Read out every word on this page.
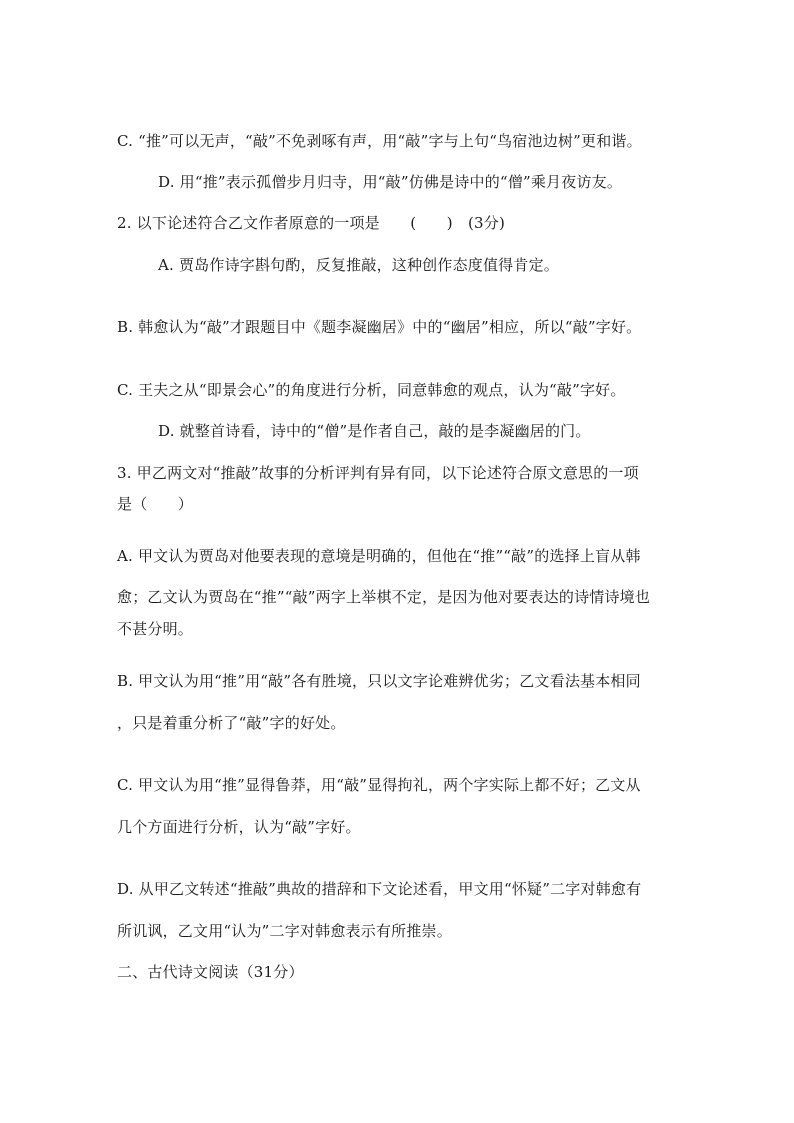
C. “推”可以无声，“敲”不免剥啄有声，用“敲”字与上句“鸟宿池边树”更和谐。
D. 用“推”表示孤僧步月归寺，用“敲”仿佛是诗中的“僧”乘月夜访友。
2. 以下论述符合乙文作者原意的一项是　　(　　)　(3分)
A. 贾岛作诗字斟句酌，反复推敲，这种创作态度值得肯定。
B. 韩愈认为“敲”才跟题目中《题李凝幽居》中的“幽居”相应，所以“敲”字好。
C. 王夫之从“即景会心”的角度进行分析，同意韩愈的观点，认为“敲”字好。
D. 就整首诗看，诗中的“僧”是作者自己，敲的是李凝幽居的门。
3. 甲乙两文对“推敲”故事的分析评判有异有同，以下论述符合原文意思的一项
是（　　）
A. 甲文认为贾岛对他要表现的意境是明确的，但他在“推”“敲”的选择上盲从韩
愈；乙文认为贾岛在“推”“敲”两字上举棋不定，是因为他对要表达的诗情诗境也
不甚分明。
B. 甲文认为用“推”用“敲”各有胜境，只以文字论难辨优劣；乙文看法基本相同
，只是着重分析了“敲”字的好处。
C. 甲文认为用“推”显得鲁莽，用“敲”显得拘礼，两个字实际上都不好；乙文从
几个方面进行分析，认为“敲”字好。
D. 从甲乙文转述“推敲”典故的措辞和下文论述看，甲文用“怀疑”二字对韩愈有
所讥讽，乙文用“认为”二字对韩愈表示有所推崇。
二、古代诗文阅读（31分）
